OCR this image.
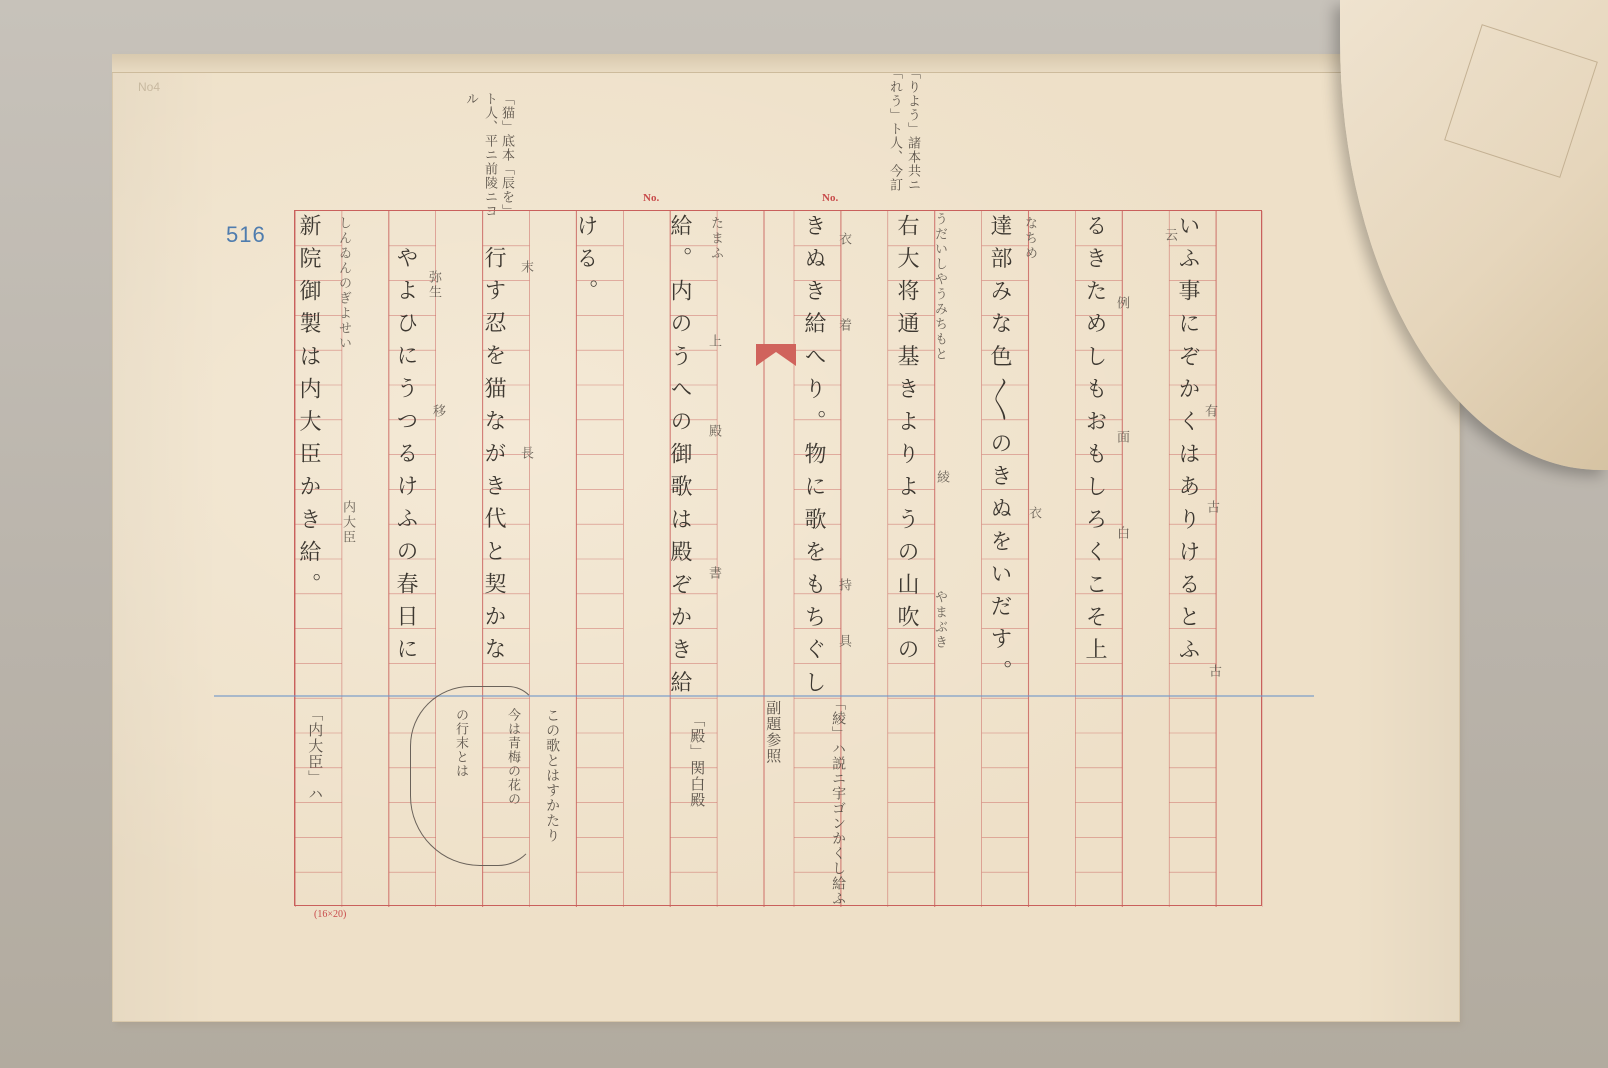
No4
516
No.	No.
「猫」底本「辰を」
ト人、平ニ前陵ニヨ
ル	「りよう」諸本共ニ
「れう」ト人、今訂
いふ事にぞかくはありけるとふ
るきためしもおもしろくこそ上
達部みな色〳〵のきぬをいだす。
右大将通基きよりようの山吹の
きぬき給へり。物に歌をもちぐし
給。内のうへの御歌は殿ぞかき給
ける。
行す忍を猫ながき代と契かな
やよひにうつるけふの春日に
新院御製は内大臣かき給。	云
有
古
古
例
面
白
なちめ
衣
うだいしやうみちもと
綾
やまぶき
衣
着
持
具
たまふ
上
殿
書
末
長
弥生
移
しんゐんのぎよせい
内大臣
「内大臣」ハ	「殿」関白殿	副題参照	「綾」ハ説ニ宇ゴンかくし給ふ
この歌とはすかたり
今は青梅の花の
の行末とは
(16×20)
